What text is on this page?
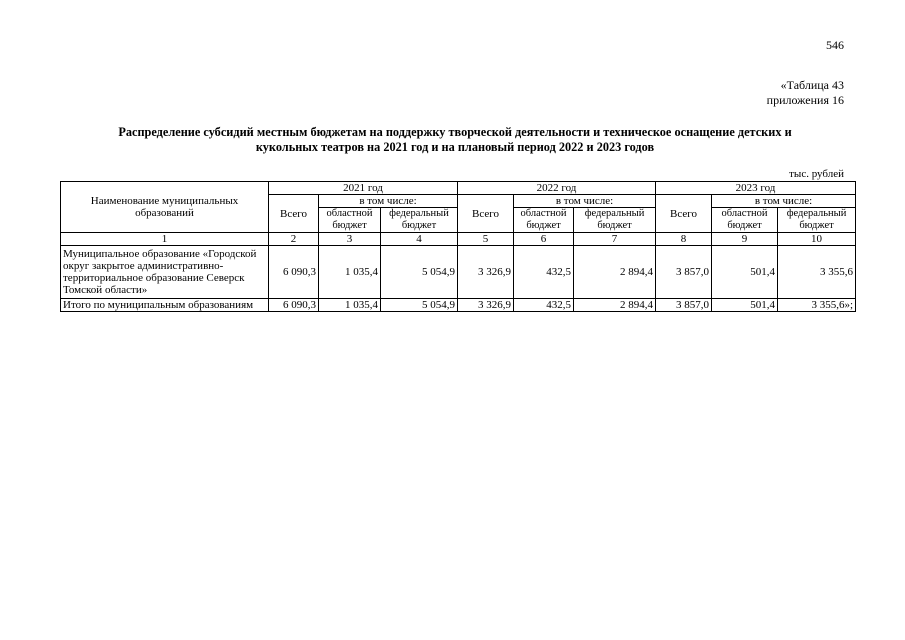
546
«Таблица 43
приложения 16
Распределение субсидий местным бюджетам на поддержку творческой деятельности и техническое оснащение детских и
кукольных театров на 2021 год и на плановый период 2022 и 2023 годов
тыс. рублей
Наименование муниципальных образований	2021 год			2022 год			2023 год		
	Всего	в том числе:		Всего	в том числе:		Всего	в том числе:	
		областной бюджет	федеральный бюджет		областной бюджет	федеральный бюджет		областной бюджет	федеральный бюджет
1	2	3	4	5	6	7	8	9	10
Муниципальное образование «Городской округ закрытое административно-территориальное образование Северск Томской области»	6 090,3	1 035,4	5 054,9	3 326,9	432,5	2 894,4	3 857,0	501,4	3 355,6
Итого по муниципальным образованиям	6 090,3	1 035,4	5 054,9	3 326,9	432,5	2 894,4	3 857,0	501,4	3 355,6»;
